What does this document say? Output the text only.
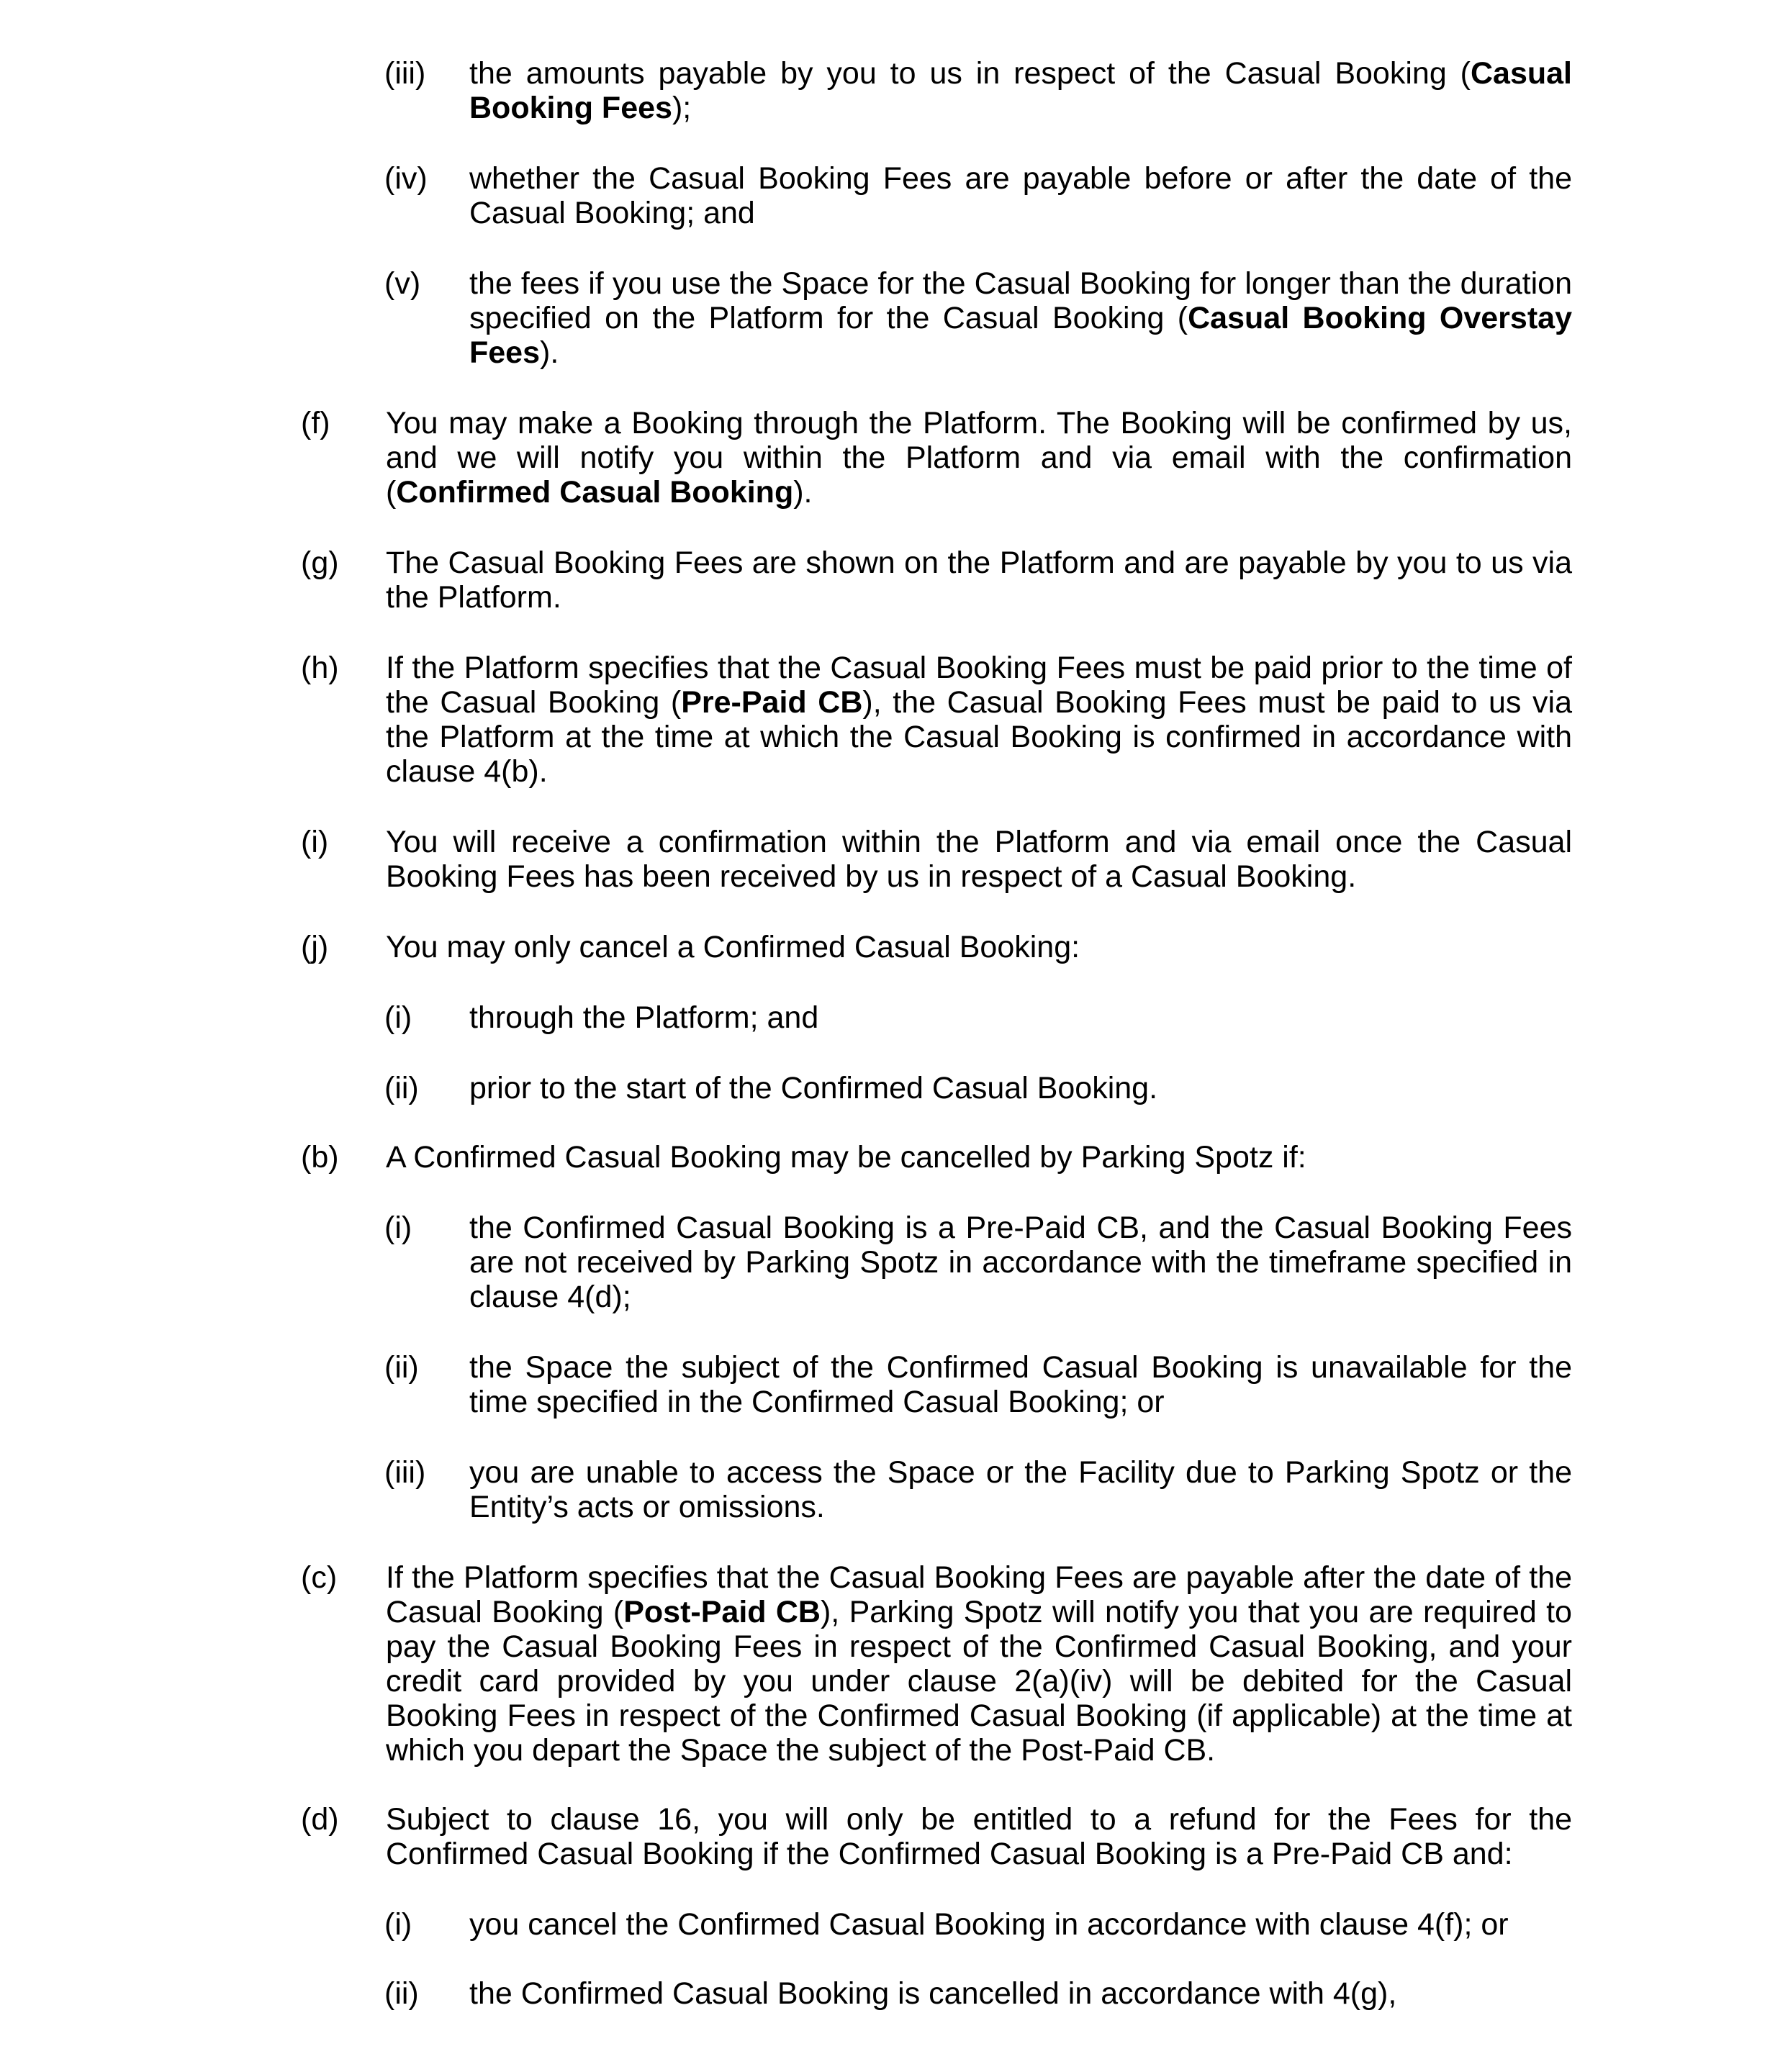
(iii) the amounts payable by you to us in respect of the Casual Booking (Casual Booking Fees);
(iv) whether the Casual Booking Fees are payable before or after the date of the Casual Booking; and
(v) the fees if you use the Space for the Casual Booking for longer than the duration specified on the Platform for the Casual Booking (Casual Booking Overstay Fees).
(f) You may make a Booking through the Platform. The Booking will be confirmed by us, and we will notify you within the Platform and via email with the confirmation (Confirmed Casual Booking).
(g) The Casual Booking Fees are shown on the Platform and are payable by you to us via the Platform.
(h) If the Platform specifies that the Casual Booking Fees must be paid prior to the time of the Casual Booking (Pre-Paid CB), the Casual Booking Fees must be paid to us via the Platform at the time at which the Casual Booking is confirmed in accordance with clause 4(b).
(i) You will receive a confirmation within the Platform and via email once the Casual Booking Fees has been received by us in respect of a Casual Booking.
(j) You may only cancel a Confirmed Casual Booking:
(i) through the Platform; and
(ii) prior to the start of the Confirmed Casual Booking.
(b) A Confirmed Casual Booking may be cancelled by Parking Spotz if:
(i) the Confirmed Casual Booking is a Pre-Paid CB, and the Casual Booking Fees are not received by Parking Spotz in accordance with the timeframe specified in clause 4(d);
(ii) the Space the subject of the Confirmed Casual Booking is unavailable for the time specified in the Confirmed Casual Booking; or
(iii) you are unable to access the Space or the Facility due to Parking Spotz or the Entity’s acts or omissions.
(c) If the Platform specifies that the Casual Booking Fees are payable after the date of the Casual Booking (Post-Paid CB), Parking Spotz will notify you that you are required to pay the Casual Booking Fees in respect of the Confirmed Casual Booking, and your credit card provided by you under clause 2(a)(iv) will be debited for the Casual Booking Fees in respect of the Confirmed Casual Booking (if applicable) at the time at which you depart the Space the subject of the Post-Paid CB.
(d) Subject to clause 16, you will only be entitled to a refund for the Fees for the Confirmed Casual Booking if the Confirmed Casual Booking is a Pre-Paid CB and:
(i) you cancel the Confirmed Casual Booking in accordance with clause 4(f); or
(ii) the Confirmed Casual Booking is cancelled in accordance with 4(g),
